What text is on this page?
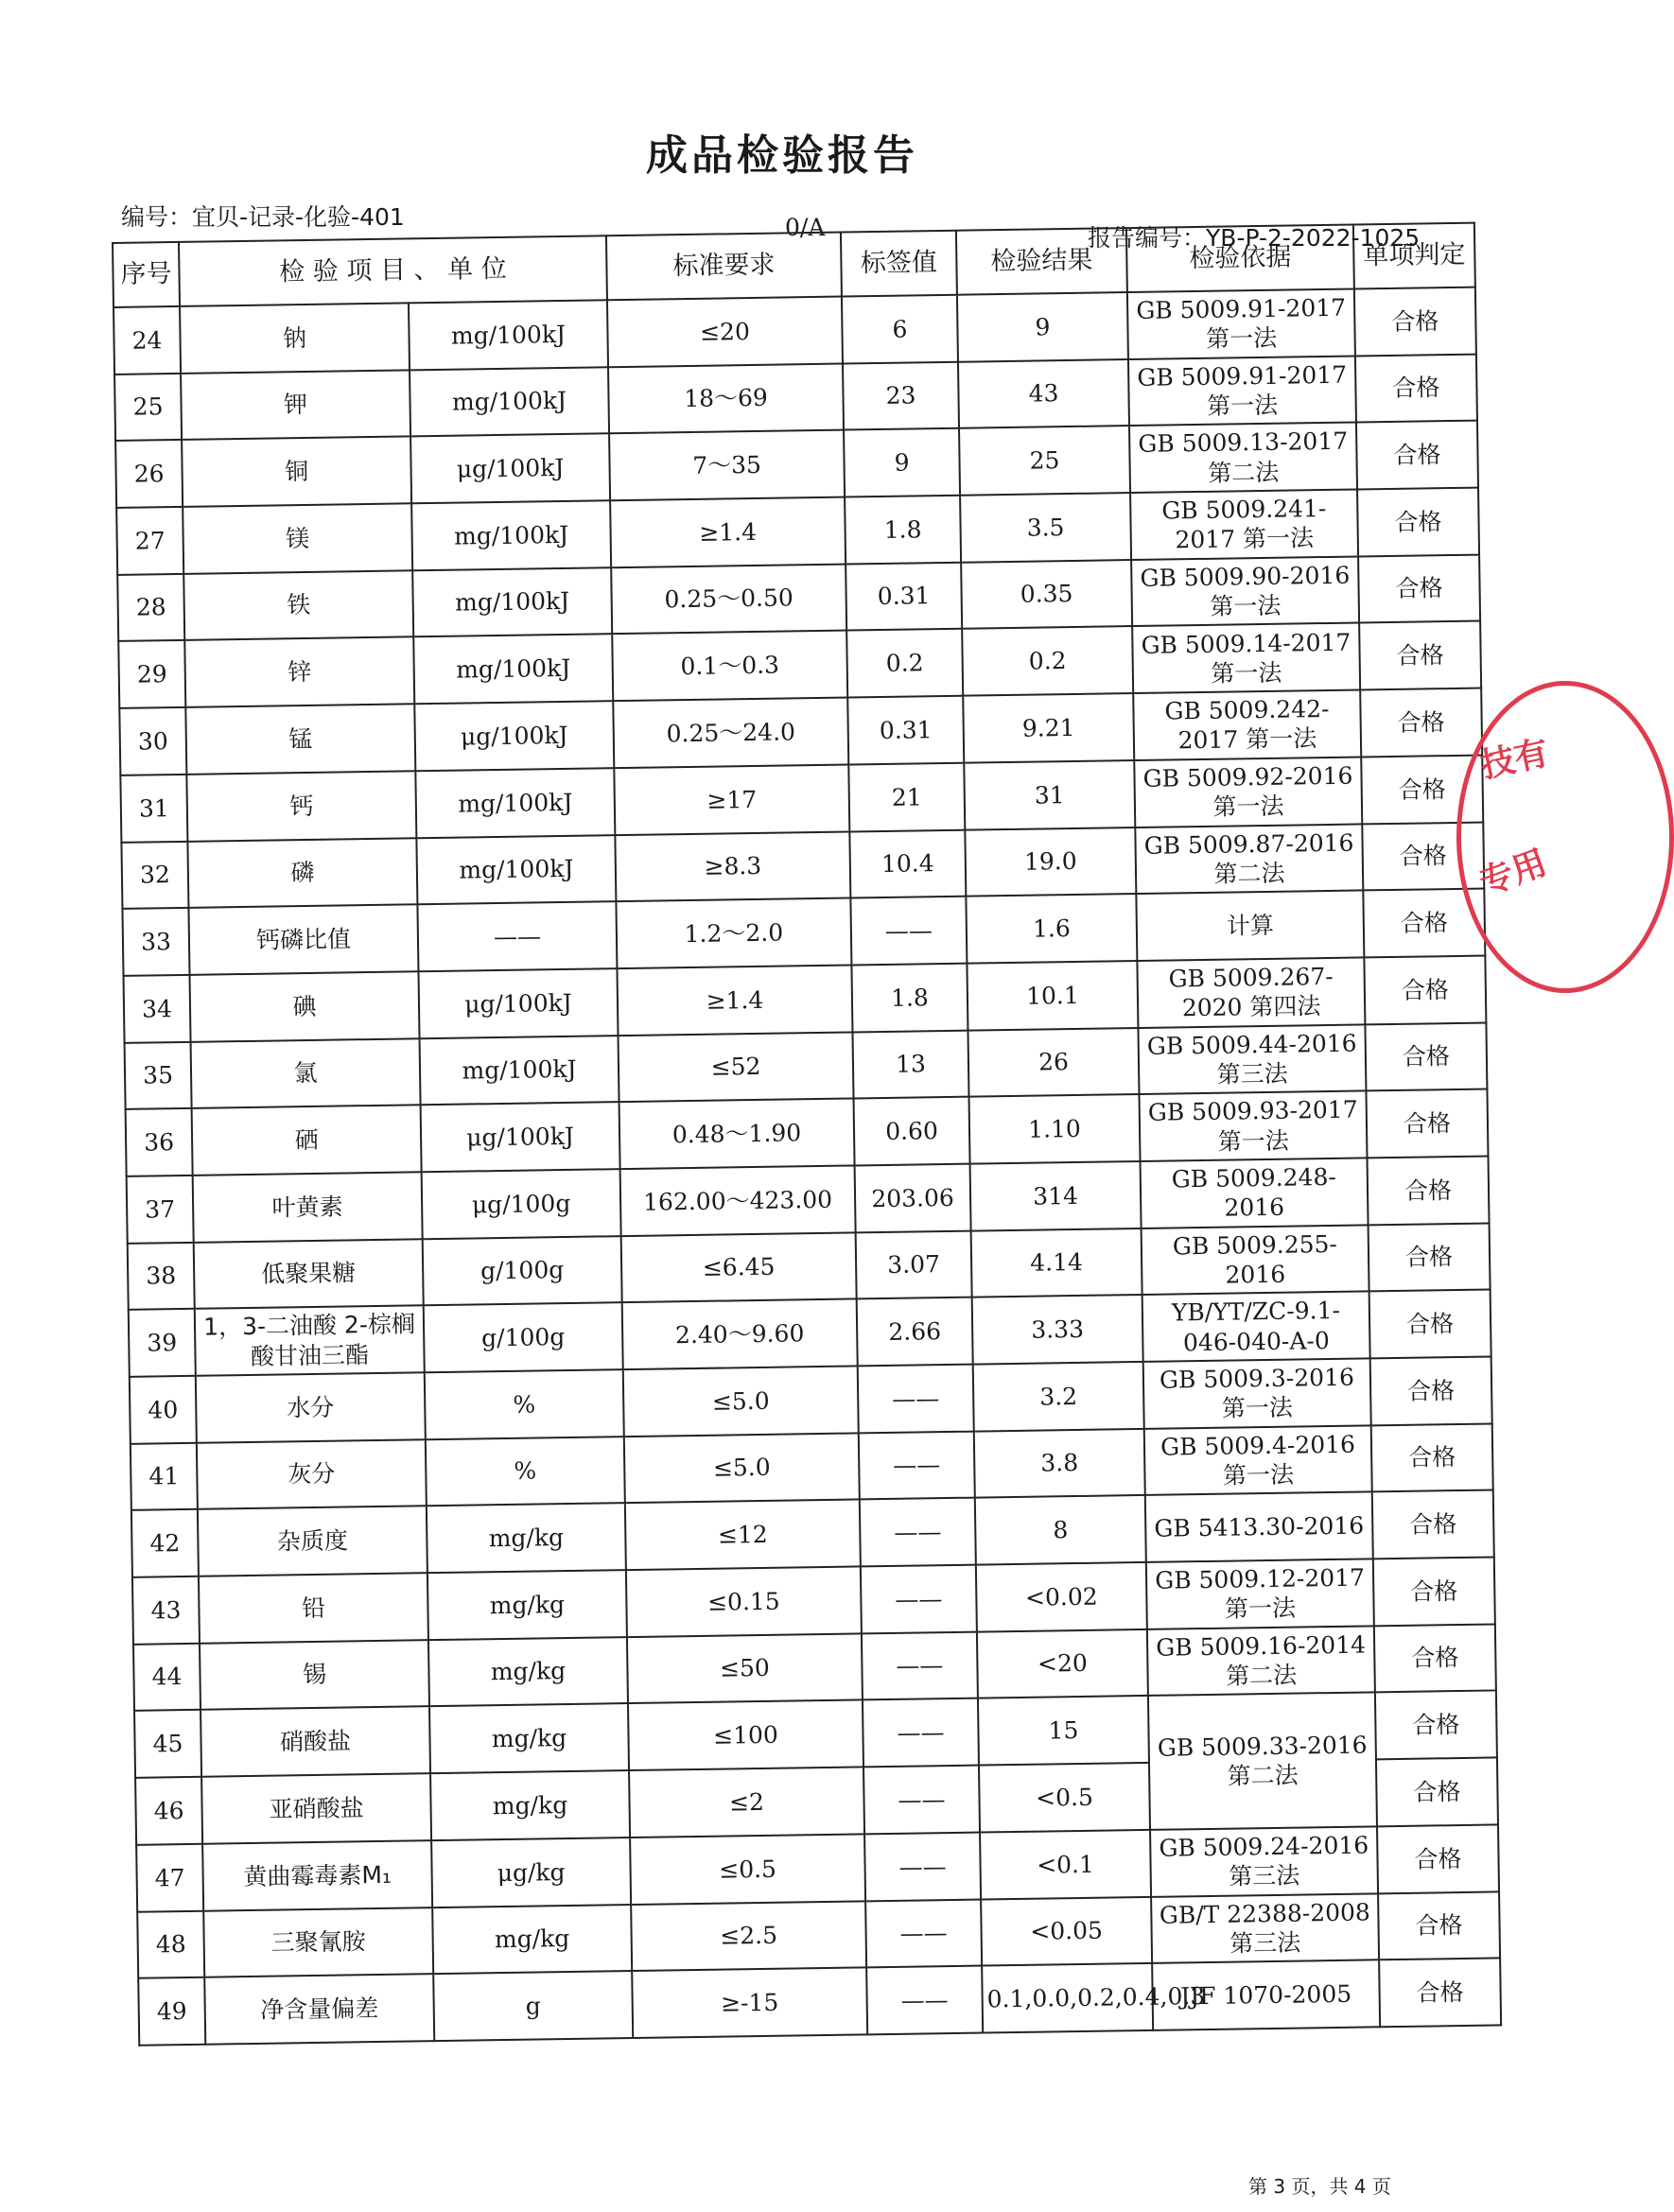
成品检验报告
编号：宜贝-记录-化验-401	0/A	报告编号：YB-P-2-2022-1025
序号	检 验 项 目 、 单 位		标准要求	标签值	检验结果	检验依据	单项判定
24	钠	mg/100kJ	≤20	6	9	GB 5009.91-2017 第一法	合格
25	钾	mg/100kJ	18～69	23	43	GB 5009.91-2017 第一法	合格
26	铜	μg/100kJ	7～35	9	25	GB 5009.13-2017 第二法	合格
27	镁	mg/100kJ	≥1.4	1.8	3.5	GB 5009.241-2017 第一法	合格
28	铁	mg/100kJ	0.25～0.50	0.31	0.35	GB 5009.90-2016 第一法	合格
29	锌	mg/100kJ	0.1～0.3	0.2	0.2	GB 5009.14-2017 第一法	合格
30	锰	μg/100kJ	0.25～24.0	0.31	9.21	GB 5009.242-2017 第一法	合格
31	钙	mg/100kJ	≥17	21	31	GB 5009.92-2016 第一法	合格
32	磷	mg/100kJ	≥8.3	10.4	19.0	GB 5009.87-2016 第二法	合格
33	钙磷比值	——	1.2～2.0	——	1.6	计算	合格
34	碘	μg/100kJ	≥1.4	1.8	10.1	GB 5009.267-2020 第四法	合格
35	氯	mg/100kJ	≤52	13	26	GB 5009.44-2016 第三法	合格
36	硒	μg/100kJ	0.48～1.90	0.60	1.10	GB 5009.93-2017 第一法	合格
37	叶黄素	μg/100g	162.00～423.00	203.06	314	GB 5009.248-2016	合格
38	低聚果糖	g/100g	≤6.45	3.07	4.14	GB 5009.255-2016	合格
39	1，3-二油酸 2-棕榈酸甘油三酯	g/100g	2.40～9.60	2.66	3.33	YB/YT/ZC-9.1-046-040-A-0	合格
40	水分	%	≤5.0	——	3.2	GB 5009.3-2016 第一法	合格
41	灰分	%	≤5.0	——	3.8	GB 5009.4-2016 第一法	合格
42	杂质度	mg/kg	≤12	——	8	GB 5413.30-2016	合格
43	铅	mg/kg	≤0.15	——	<0.02	GB 5009.12-2017 第一法	合格
44	锡	mg/kg	≤50	——	<20	GB 5009.16-2014 第二法	合格
45	硝酸盐	mg/kg	≤100	——	15	GB 5009.33-2016 第二法	合格
46	亚硝酸盐	mg/kg	≤2	——	<0.5		合格
47	黄曲霉毒素M₁	μg/kg	≤0.5	——	<0.1	GB 5009.24-2016 第三法	合格
48	三聚氰胺	mg/kg	≤2.5	——	<0.05	GB/T 22388-2008 第三法	合格
49	净含量偏差	g	≥-15	——	0.1,0.0,0.2,0.4,0.3	JJF 1070-2005	合格
技有
专用
第 3 页，共 4 页
